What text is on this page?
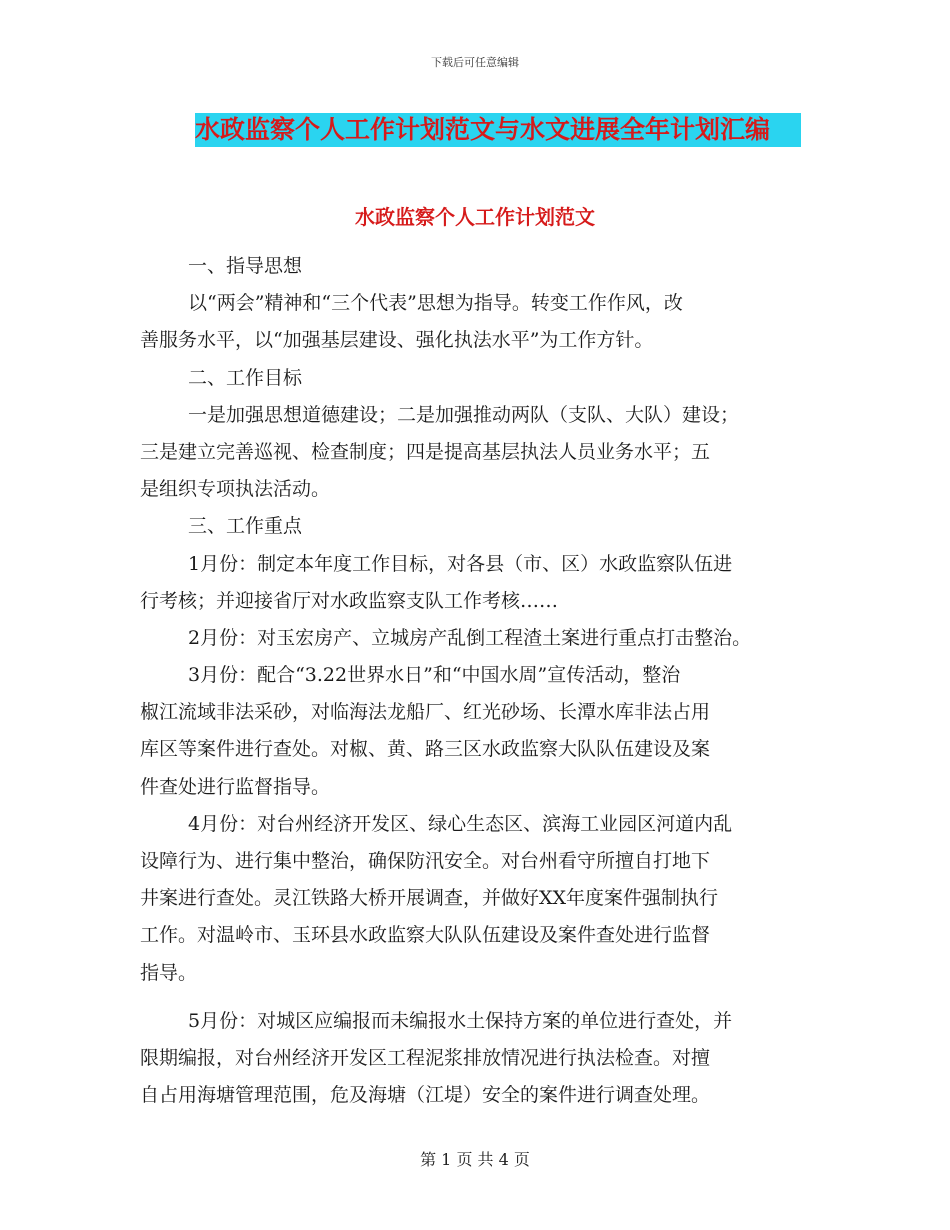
下载后可任意编辑
水政监察个人工作计划范文与水文进展全年计划汇编
水政监察个人工作计划范文
一、指导思想
以“两会”精神和“三个代表”思想为指导。转变工作作风，改
善服务水平，以“加强基层建设、强化执法水平”为工作方针。
二、工作目标
一是加强思想道德建设；二是加强推动两队（支队、大队）建设；
三是建立完善巡视、检查制度；四是提高基层执法人员业务水平；五
是组织专项执法活动。
三、工作重点
1月份：制定本年度工作目标，对各县（市、区）水政监察队伍进
行考核；并迎接省厅对水政监察支队工作考核……
2月份：对玉宏房产、立城房产乱倒工程渣土案进行重点打击整治。
3月份：配合“3.22世界水日”和“中国水周”宣传活动，整治
椒江流域非法采砂，对临海法龙船厂、红光砂场、长潭水库非法占用
库区等案件进行查处。对椒、黄、路三区水政监察大队队伍建设及案
件查处进行监督指导。
4月份：对台州经济开发区、绿心生态区、滨海工业园区河道内乱
设障行为、进行集中整治，确保防汛安全。对台州看守所擅自打地下
井案进行查处。灵江铁路大桥开展调查，并做好XX年度案件强制执行
工作。对温岭市、玉环县水政监察大队队伍建设及案件查处进行监督
指导。
5月份：对城区应编报而未编报水土保持方案的单位进行查处，并
限期编报，对台州经济开发区工程泥浆排放情况进行执法检查。对擅
自占用海塘管理范围，危及海塘（江堤）安全的案件进行调查处理。
第 1 页 共 4 页
